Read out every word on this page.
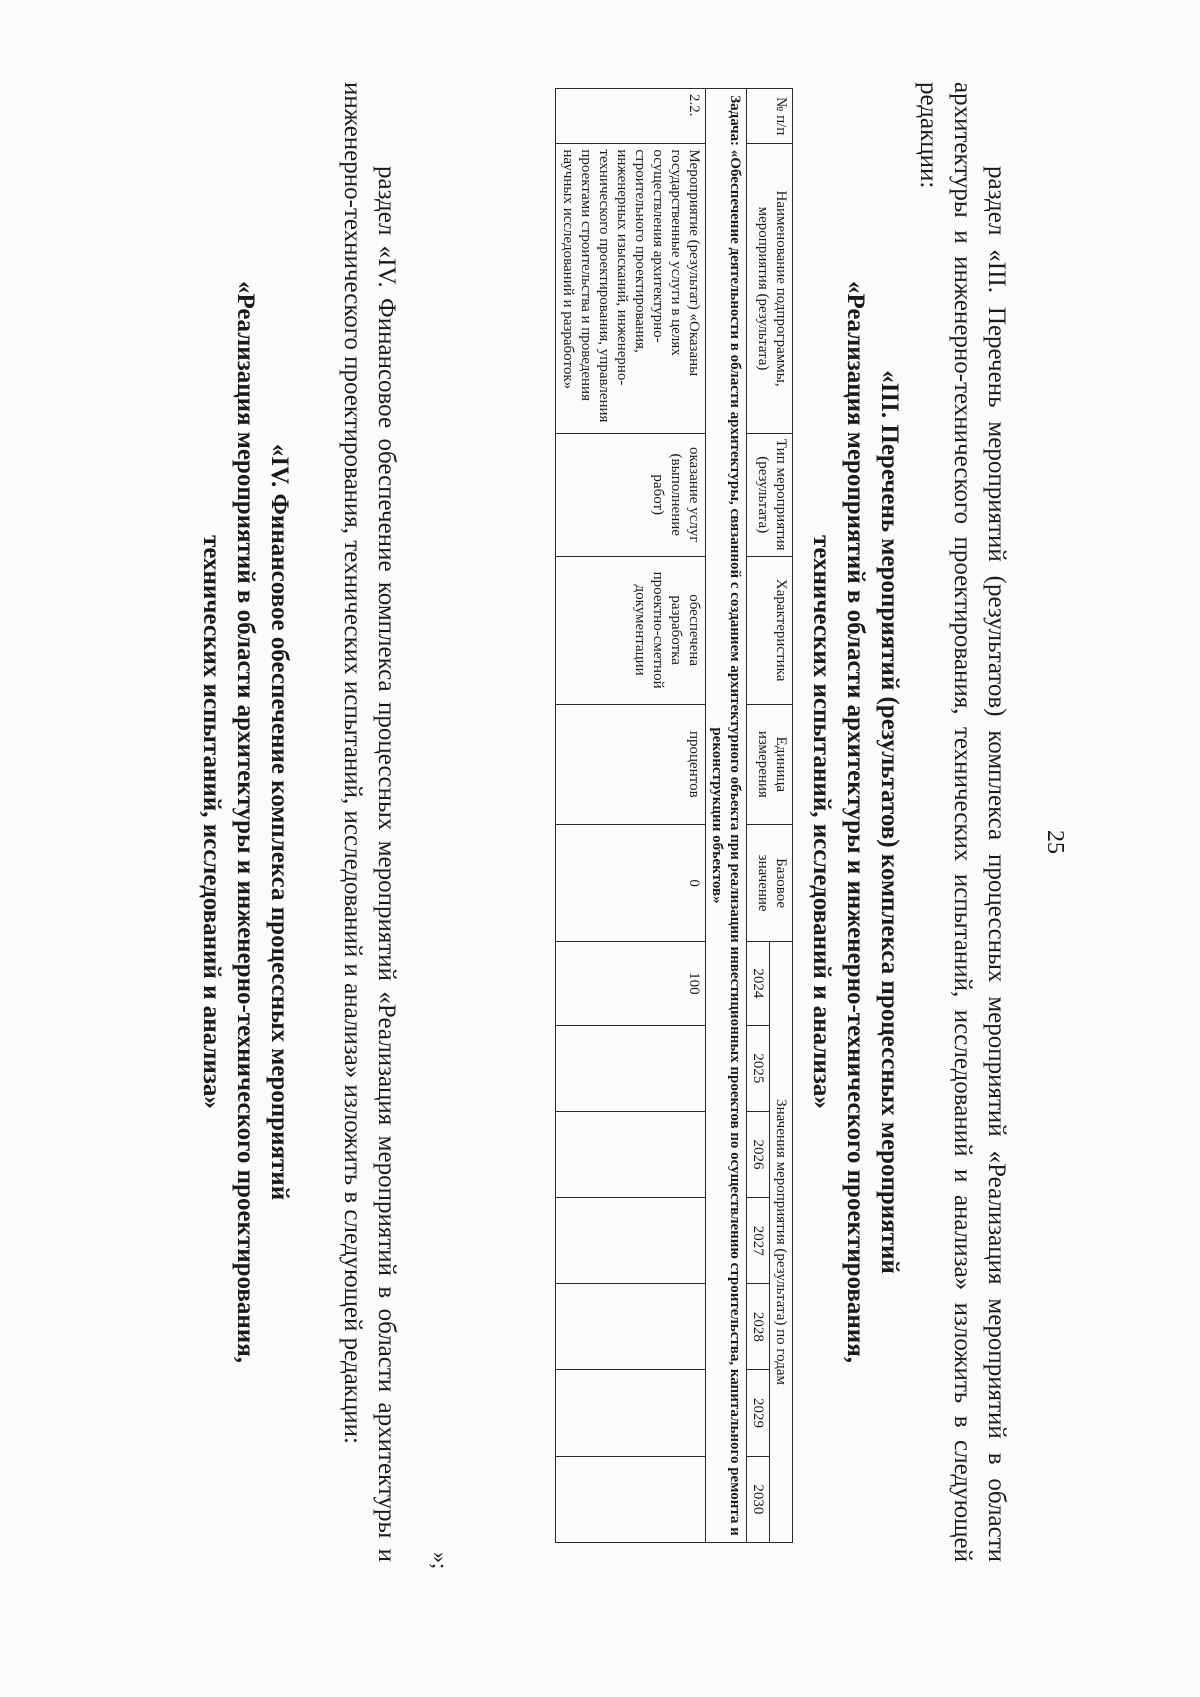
25
раздел «III. Перечень мероприятий (результатов) комплекса процессных мероприятий «Реализация мероприятий в области архитектуры и инженерно-технического проектирования, технических испытаний, исследований и анализа» изложить в следующей редакции:
«III. Перечень мероприятий (результатов) комплекса процессных мероприятий
«Реализация мероприятий в области архитектуры и инженерно-технического проектирования,
технических испытаний, исследований и анализа»
№ п/п	Наименование подпрограммы, мероприятия (результата)	Тип мероприятия (результата)	Характеристика	Единица измерения	Базовое значение	Значения мероприятия (результата) по годам						
						2024	2025	2026	2027	2028	2029	2030
Задача: «Обеспечение деятельности в области архитектуры, связанной с созданием архитектурного объекта при реализации инвестиционных проектов по осуществлению строительства, капитального ремонта и реконструкции объектов»												
2.2.	Мероприятие (результат) «Оказаны государственные услуги в целях осуществления архитектурно-строительного проектирования, инженерных изысканий, инженерно-технического проектирования, управления проектами строительства и проведения научных исследований и разработок»	оказание услуг (выполнение работ)	обеспечена разработка проектно-сметной документации	процентов	0	100						
»;
раздел «IV. Финансовое обеспечение комплекса процессных мероприятий «Реализация мероприятий в области архитектуры и инженерно-технического проектирования, технических испытаний, исследований и анализа» изложить в следующей редакции:
«IV. Финансовое обеспечение комплекса процессных мероприятий
«Реализация мероприятий в области архитектуры и инженерно-технического проектирования,
технических испытаний, исследований и анализа»
